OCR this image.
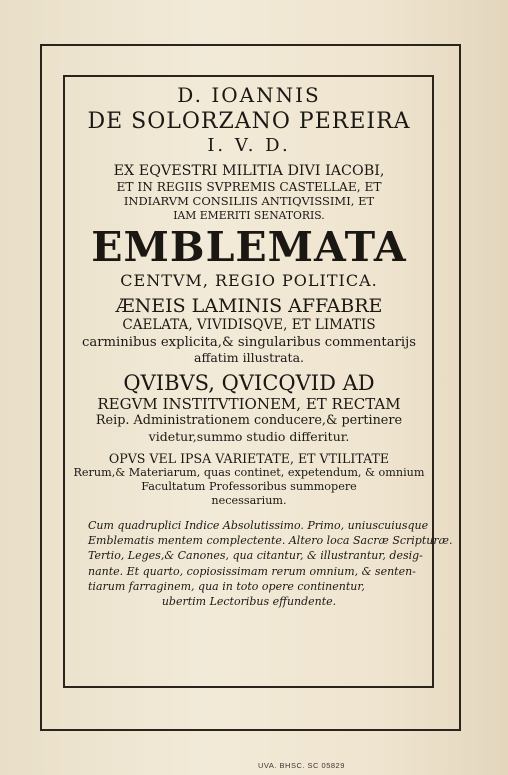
D. IOANNIS
DE SOLORZANO PEREIRA
I. V. D.
EX EQVESTRI MILITIA DIVI IACOBI,
ET IN REGIIS SVPREMIS CASTELLAE, ET
INDIARVM CONSILIIS ANTIQVISSIMI, ET
IAM EMERITI SENATORIS.
EMBLEMATA
CENTVM, REGIO POLITICA.
ÆNEIS LAMINIS AFFABRE
CAELATA, VIVIDISQVE, ET LIMATIS
carminibus explicita,& singularibus commentarijs
affatim illustrata.
QVIBVS, QVICQVID AD
REGVM INSTITVTIONEM, ET RECTAM
Reip. Administrationem conducere,& pertinere
videtur,summo studio differitur.
OPVS VEL IPSA VARIETATE, ET VTILITATE
Rerum,& Materiarum, quas continet, expetendum, & omnium
Facultatum Professoribus summopere
necessarium.
Cum quadruplici Indice Absolutissimo. Primo, uniuscuiusque
Emblematis mentem complectente. Altero loca Sacræ Scripturæ.
Tertio, Leges,& Canones, qua citantur, & illustrantur, desig-
nante. Et quarto, copiosissimam rerum omnium, & senten-
tiarum farraginem, qua in toto opere continentur,
ubertim Lectoribus effundente.
UVA. BHSC. SC 05829
